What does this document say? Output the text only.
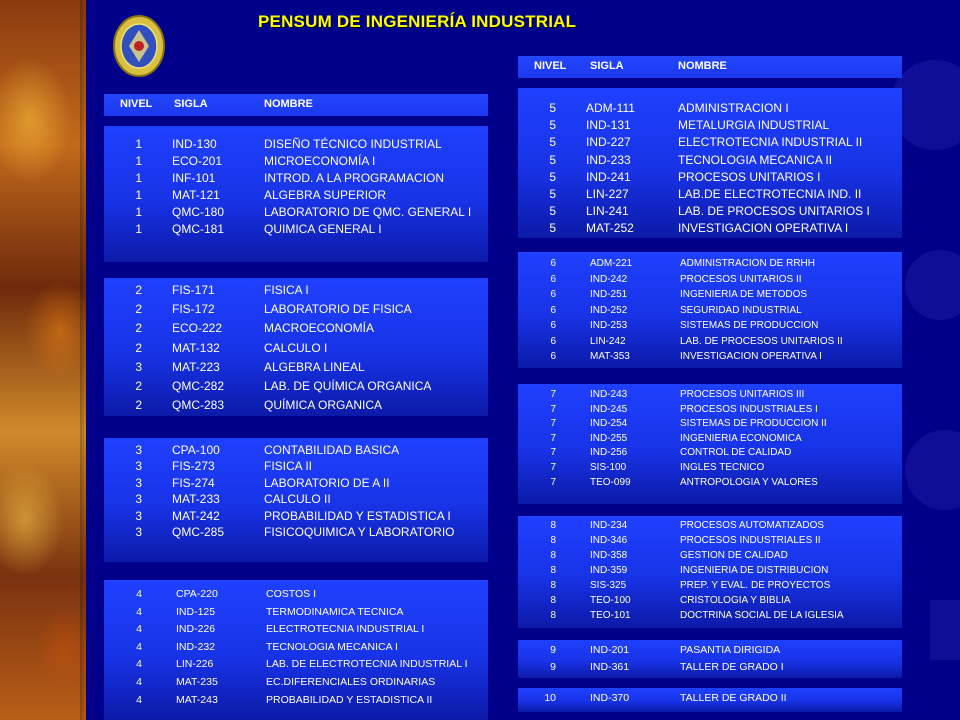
PENSUM DE INGENIERÍA INDUSTRIAL
NIVEL SIGLA	NOMBRE
NIVEL SIGLA	NOMBRE
1	IND-130	DISEÑO TÉCNICO INDUSTRIAL
1	ECO-201	MICROECONOMÍA I
1	INF-101	INTROD. A LA PROGRAMACION
1	MAT-121	ALGEBRA SUPERIOR
1	QMC-180	LABORATORIO DE QMC. GENERAL I
1	QMC-181	QUIMICA GENERAL I
2	FIS-171	FISICA I
2	FIS-172	LABORATORIO DE FISICA
2	ECO-222	MACROECONOMÍA
2	MAT-132	CALCULO I
3	MAT-223	ALGEBRA LINEAL
2	QMC-282	LAB. DE QUÍMICA ORGANICA
2	QMC-283	QUÍMICA ORGANICA
3	CPA-100	CONTABILIDAD BASICA
3	FIS-273	FISICA II
3	FIS-274	LABORATORIO DE A II
3	MAT-233	CALCULO II
3	MAT-242	PROBABILIDAD Y ESTADISTICA I
3	QMC-285	FISICOQUIMICA Y LABORATORIO
4	CPA-220	COSTOS I
4	IND-125	TERMODINAMICA TECNICA
4	IND-226	ELECTROTECNIA INDUSTRIAL I
4	IND-232	TECNOLOGIA MECANICA I
4	LIN-226	LAB. DE ELECTROTECNIA INDUSTRIAL I
4	MAT-235	EC.DIFERENCIALES ORDINARIAS
4	MAT-243	PROBABILIDAD Y ESTADISTICA II
5	ADM-111	ADMINISTRACION I
5	IND-131	METALURGIA INDUSTRIAL
5	IND-227	ELECTROTECNIA INDUSTRIAL II
5	IND-233	TECNOLOGIA MECANICA II
5	IND-241	PROCESOS UNITARIOS I
5	LIN-227	LAB.DE ELECTROTECNIA IND. II
5	LIN-241	LAB. DE PROCESOS UNITARIOS I
5	MAT-252	INVESTIGACION OPERATIVA I
6	ADM-221	ADMINISTRACION DE RRHH
6	IND-242	PROCESOS UNITARIOS II
6	IND-251	INGENIERIA DE METODOS
6	IND-252	SEGURIDAD INDUSTRIAL
6	IND-253	SISTEMAS DE PRODUCCION
6	LIN-242	LAB. DE PROCESOS UNITARIOS II
6	MAT-353	INVESTIGACION OPERATIVA I
7	IND-243	PROCESOS UNITARIOS III
7	IND-245	PROCESOS INDUSTRIALES I
7	IND-254	SISTEMAS DE PRODUCCION II
7	IND-255	INGENIERIA ECONOMICA
7	IND-256	CONTROL DE CALIDAD
7	SIS-100	INGLES TECNICO
7	TEO-099	ANTROPOLOGIA Y VALORES
8	IND-234	PROCESOS AUTOMATIZADOS
8	IND-346	PROCESOS INDUSTRIALES II
8	IND-358	GESTION DE CALIDAD
8	IND-359	INGENIERIA DE DISTRIBUCION
8	SIS-325	PREP. Y EVAL. DE PROYECTOS
8	TEO-100	CRISTOLOGIA Y BIBLIA
8	TEO-101	DOCTRINA SOCIAL DE LA IGLESIA
9	IND-201	PASANTIA DIRIGIDA
9	IND-361	TALLER DE GRADO I
10	IND-370	TALLER DE GRADO II
